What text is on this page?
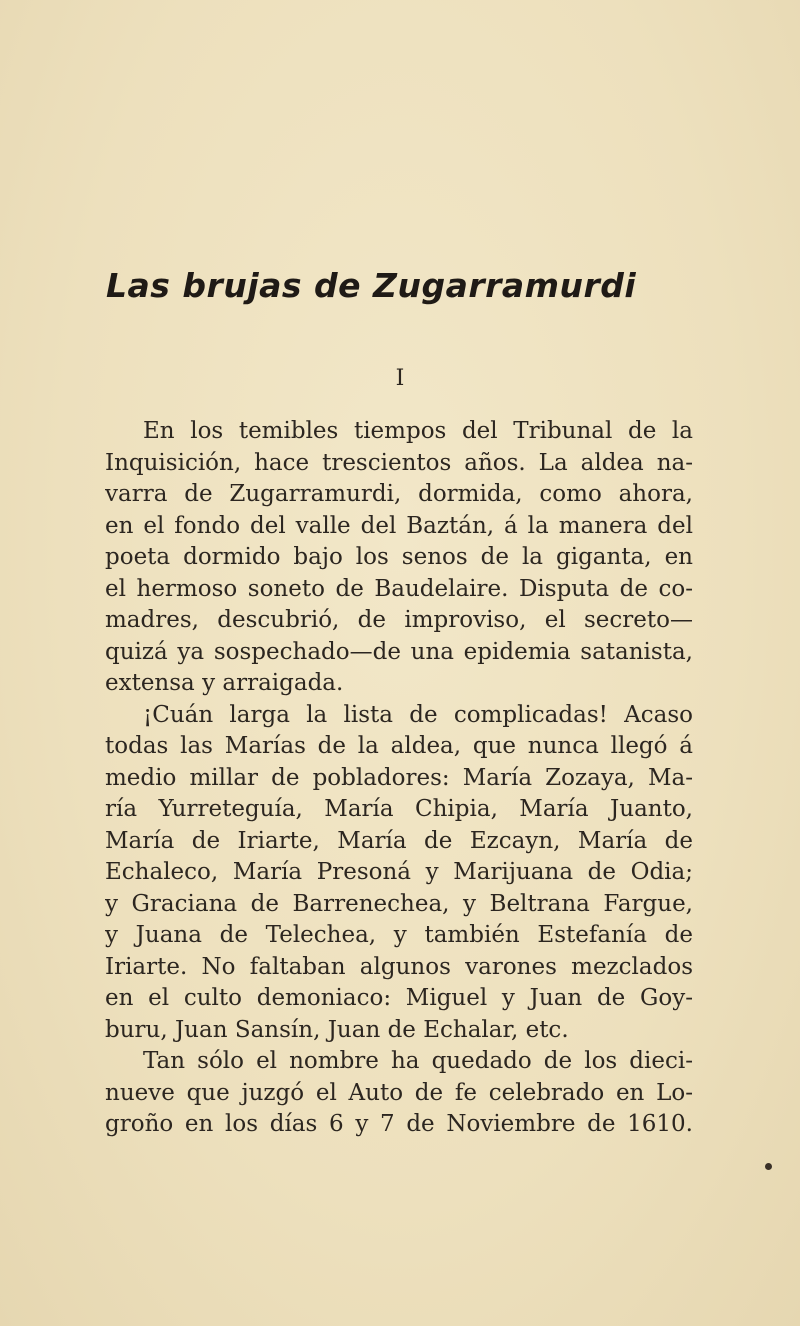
Las brujas de Zugarramurdi
I
En los temibles tiempos del Tribunal de la
Inquisición, hace trescientos años. La aldea na-
varra de Zugarramurdi, dormida, como ahora,
en el fondo del valle del Baztán, á la manera del
poeta dormido bajo los senos de la giganta, en
el hermoso soneto de Baudelaire. Disputa de co-
madres, descubrió, de improviso, el secreto—
quizá ya sospechado—de una epidemia satanista,
extensa y arraigada.
¡Cuán larga la lista de complicadas! Acaso
todas las Marías de la aldea, que nunca llegó á
medio millar de pobladores: María Zozaya, Ma-
ría Yurreteguía, María Chipia, María Juanto,
María de Iriarte, María de Ezcayn, María de
Echaleco, María Presoná y Marijuana de Odia;
y Graciana de Barrenechea, y Beltrana Fargue,
y Juana de Telechea, y también Estefanía de
Iriarte. No faltaban algunos varones mezclados
en el culto demoniaco: Miguel y Juan de Goy-
buru, Juan Sansín, Juan de Echalar, etc.
Tan sólo el nombre ha quedado de los dieci-
nueve que juzgó el Auto de fe celebrado en Lo-
groño en los días 6 y 7 de Noviembre de 1610.
